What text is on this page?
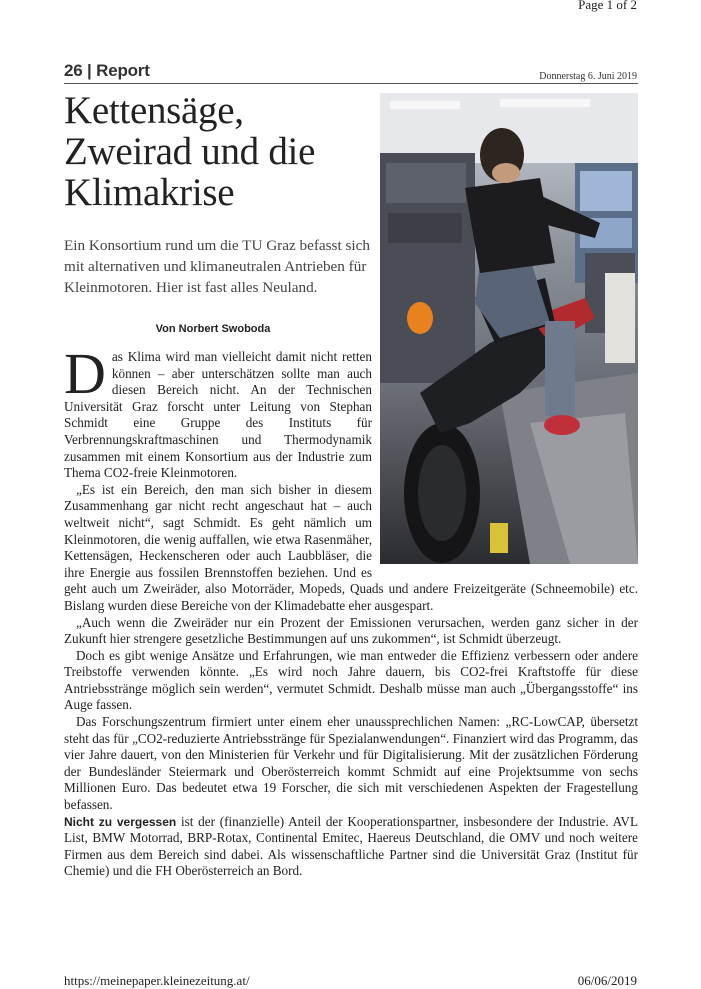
Page 1 of 2
26 | Report	Donnerstag 6. Juni 2019
Kettensäge, Zweirad und die Klimakrise

Ein Konsortium rund um die TU Graz befasst sich mit alternativen und klimaneutralen Antrieben für Kleinmotoren. Hier ist fast alles Neuland.

Von Norbert Swoboda

Das Klima wird man vielleicht damit nicht retten können – aber unterschätzen sollte man auch diesen Bereich nicht. An der Technischen Universität Graz forscht unter Leitung von Stephan Schmidt eine Gruppe des Instituts für Verbrennungskraftmaschinen und Thermodynamik zusammen mit einem Konsortium aus der Industrie zum Thema CO2-freie Kleinmotoren.

„Es ist ein Bereich, den man sich bisher in diesem Zusammenhang gar nicht recht angeschaut hat – auch weltweit nicht“, sagt Schmidt. Es geht nämlich um Kleinmotoren, die wenig auffallen, wie etwa Rasenmäher, Kettensägen, Heckenscheren oder auch Laubbläser, die ihre Energie aus fossilen Brennstoffen beziehen. Und es geht auch um Zweiräder, also Motorräder, Mopeds, Quads und andere Freizeitgeräte (Schneemobile) etc. Bislang wurden diese Bereiche von der Klimadebatte eher ausgespart.

„Auch wenn die Zweiräder nur ein Prozent der Emissionen verursachen, werden ganz sicher in der Zukunft hier strengere gesetzliche Bestimmungen auf uns zukommen“, ist Schmidt überzeugt.

Doch es gibt wenige Ansätze und Erfahrungen, wie man entweder die Effizienz verbessern oder andere Treibstoffe verwenden könnte. „Es wird noch Jahre dauern, bis CO2-frei Kraftstoffe für diese Antriebsstränge möglich sein werden“, vermutet Schmidt. Deshalb müsse man auch „Übergangsstoffe“ ins Auge fassen.

Das Forschungszentrum firmiert unter einem eher unaussprechlichen Namen: „RC-LowCAP, übersetzt steht das für „CO2-reduzierte Antriebsstränge für Spezialanwendungen“. Finanziert wird das Programm, das vier Jahre dauert, von den Ministerien für Verkehr und für Digitalisierung. Mit der zusätzlichen Förderung der Bundesländer Steiermark und Oberösterreich kommt Schmidt auf eine Projektsumme von sechs Millionen Euro. Das bedeutet etwa 19 Forscher, die sich mit verschiedenen Aspekten der Fragestellung befassen.

Nicht zu vergessen ist der (finanzielle) Anteil der Kooperationspartner, insbesondere der Industrie. AVL List, BMW Motorrad, BRP-Rotax, Continental Emitec, Haereus Deutschland, die OMV und noch weitere Firmen aus dem Bereich sind dabei. Als wissenschaftliche Partner sind die Universität Graz (Institut für Chemie) und die FH Oberösterreich an Bord.

https://meinepaper.kleinezeitung.at/	06/06/2019
